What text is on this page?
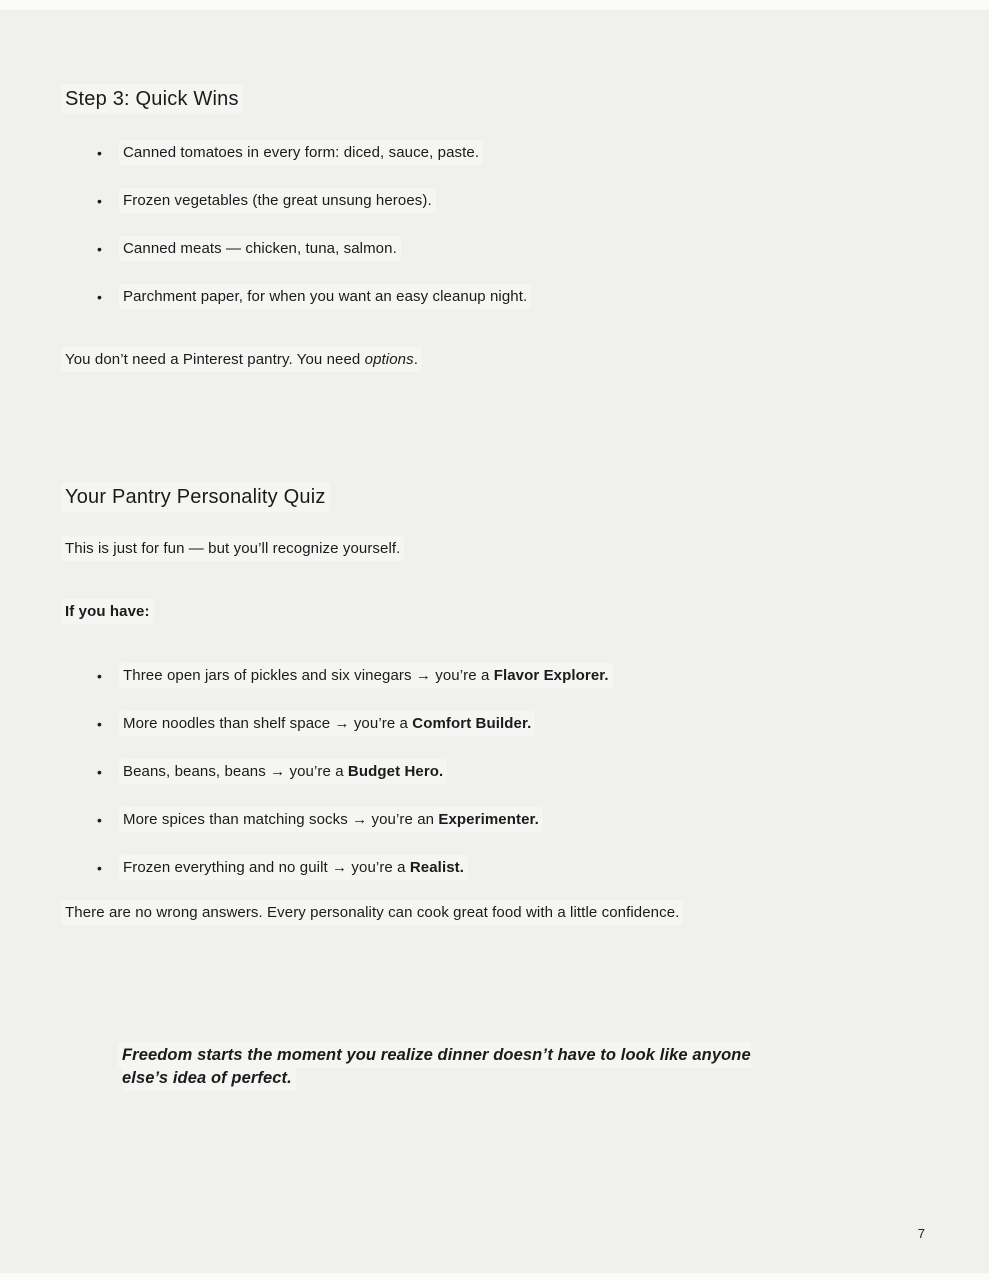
Step 3: Quick Wins
• Canned tomatoes in every form: diced, sauce, paste.
• Frozen vegetables (the great unsung heroes).
• Canned meats — chicken, tuna, salmon.
• Parchment paper, for when you want an easy cleanup night.
You don’t need a Pinterest pantry. You need options.
Your Pantry Personality Quiz
This is just for fun — but you’ll recognize yourself.
If you have:
• Three open jars of pickles and six vinegars → you’re a Flavor Explorer.
• More noodles than shelf space → you’re a Comfort Builder.
• Beans, beans, beans → you’re a Budget Hero.
• More spices than matching socks → you’re an Experimenter.
• Frozen everything and no guilt → you’re a Realist.
There are no wrong answers. Every personality can cook great food with a little confidence.
Freedom starts the moment you realize dinner doesn’t have to look like anyone else’s idea of perfect.
7
